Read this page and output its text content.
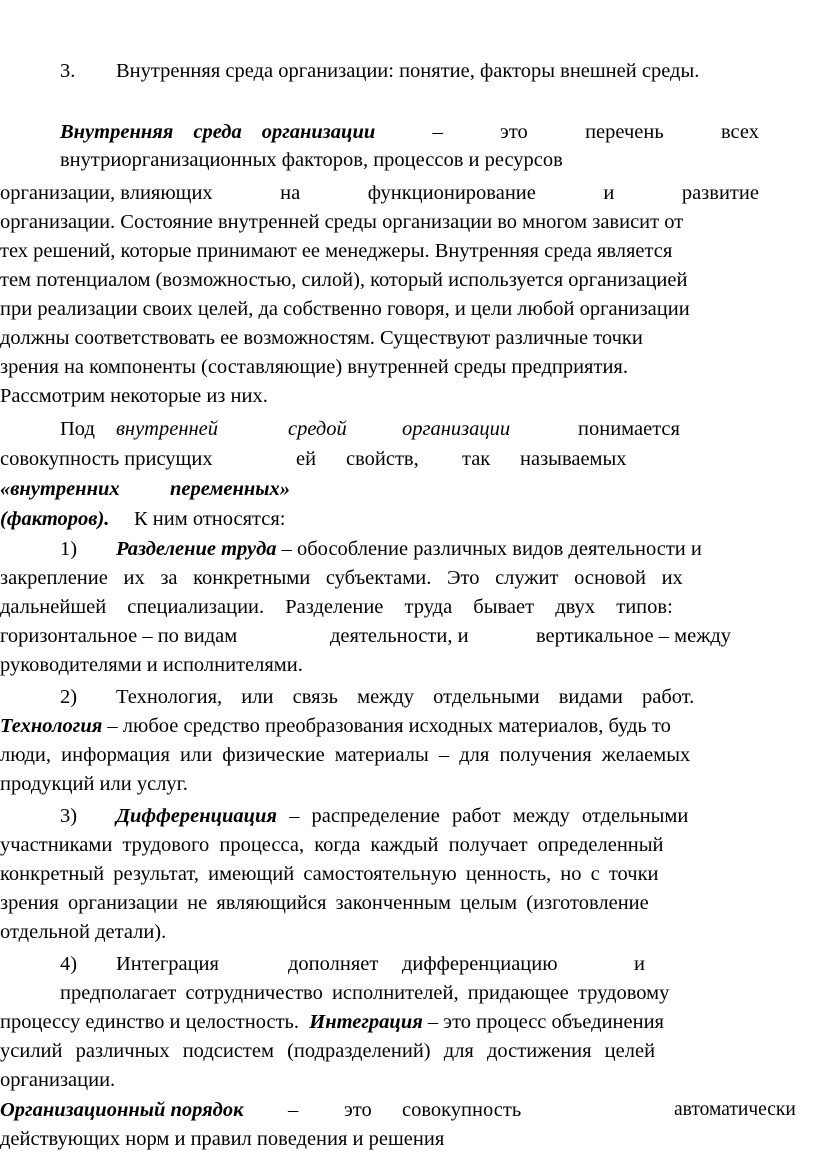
3. Внутренняя среда организации: понятие, факторы внешней среды.
Внутренняя среда организации	–	это	перечень	всех
внутриорганизационных факторов, процессов и ресурсов
организации, влияющих	на	функционирование	и	развитие
организации. Состояние внутренней среды организации во многом зависит от
тех решений, которые принимают ее менеджеры. Внутренняя среда является
тем потенциалом (возможностью, силой), который используется организацией
при реализации своих целей, да собственно говоря, и цели любой организации
должны соответствовать ее возможностям. Существуют различные точки
зрения на компоненты (составляющие) внутренней среды предприятия.
Рассмотрим некоторые из них.
Под внутренней	средой	организации	понимается
совокупность присущих	ей свойств, так называемых
«внутренних переменных»
(факторов). К ним относятся:
1) Разделение труда – обособление различных видов деятельности и
закрепление их за конкретными субъектами. Это служит основой их
дальнейшей специализации. Разделение труда бывает двух типов:
горизонтальное – по видам	деятельности, и	вертикальное – между
руководителями и исполнителями.
2) Технология, или связь между отдельными видами работ.
Технология – любое средство преобразования исходных материалов, будь то
люди, информация или физические материалы – для получения желаемых
продукций или услуг.
3) Дифференциация – распределение работ между отдельными
участниками трудового процесса, когда каждый получает определенный
конкретный результат, имеющий самостоятельную ценность, но с точки
зрения организации не являющийся законченным целым (изготовление
отдельной детали).
4) Интеграция	дополняет дифференциацию	и
предполагает сотрудничество исполнителей, придающее трудовому
процессу единство и целостность. Интеграция – это процесс объединения
усилий различных подсистем (подразделений) для достижения целей
организации.
Организационный порядок – это совокупность	автоматически
действующих норм и правил поведения и решения
